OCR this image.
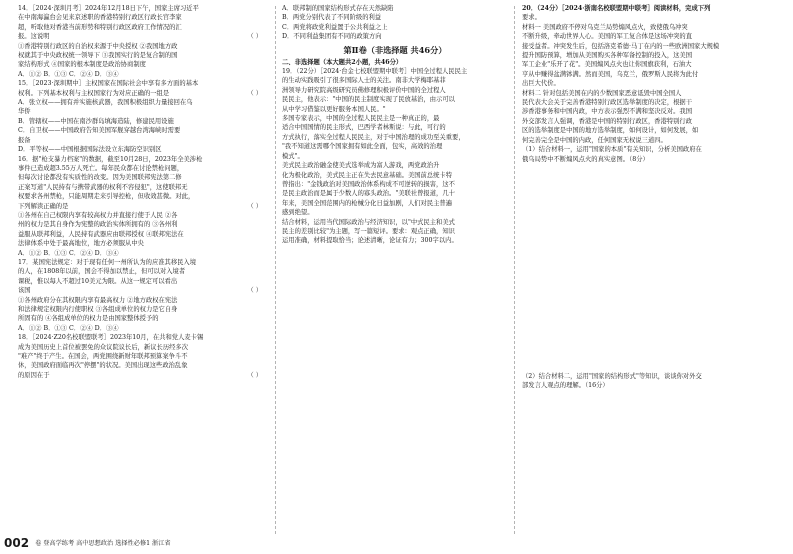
14．［2024·深圳月考］2024年12月18日下午，国家主席习近平

在中南海瀛台会见来京述职的香港特别行政区行政长官李家

超，听取他对香港当前形势和特别行政区政府工作情况的汇

报。这说明	（ ）

①香港特别行政区的自治权来源于中央授权 ②我国地方政

权就其于中央政权统一领导下 ③我国实行的是复合制的国

家结构形式 ④国家的根本制度是政治协商制度

A．①② B．①③ C．②④ D．③④

15．［2023·深圳期中］主权国家在国际社会中享有多方面的基本

权利。下列基本权利与主权国家行为对应正确的一组是	（ ）

A．张立权——拥有并实施核武器，我国积极组织力量接回在乌

华侨

B．管辖权——中国在南沙群岛填海造陆，修建民用设施

C．自卫权——中国政府告知美国军舰穿越台湾海峡时需要

报备

D．平等权——中国根据国际法设立东海防空识别区

16．据"枪支暴力档案"的数据，截至10月28日，2023年全美涉枪

事件已造成超3.55万人死亡。每年民众都在讨论禁枪问题，

但每次讨论都没有实质性的改变。因为美国联邦宪法第二修

正案写道"人民持有与携带武器的权利不容侵犯"，这使联邦无

权要求各州禁枪，只能周期走来引导控枪，但收效甚微。对此，

下列解读正确的是	（ ）

①各州在自己权限内享有较高权力并直接行使于人民 ②各

州的权力是其自身作为宪整的政治实体所拥有的 ③各州利

益服从联邦利益，人民持有武器应由联邦授权 ④联邦宪法在

法律体系中处于最高地位，地方必须服从中央

A．①② B．①③ C．②④ D．③④

17．某国宪法规定：对于现有任何一州所认为的应准其移民入境

的人，在1808年以前，国会不得加以禁止，但可以对入境者

课税，惟以每人不超过10美元为限。从这一规定可以看出

该国	（ ）

①各州政府分在其权限内享有最高权力 ②地方政权在宪法

和法律规定权限内行使职权 ③各组成单位的权力是它自身

所固有的 ④各组成单位的权力是由国家整体授予的

A．①② B．①③ C．②④ D．③④

18．［2024·Z20名校联盟联考］2023年10月，在共和党人麦卡锡

成为美国历史上首位被罢免的众议院议长后，新议长历经多次

"难产"终于产生。在国会，两党围绕新财年联邦预算案争斗不

休，美国政府面临再次"停摆"的状况。美国出现这些政治乱象

的原因在于	（ ）

A．联邦制的国家结构形式存在天然缺陷

B．两党分别代表了不同阶级的利益

C．两党将政党利益置于公共利益之上

D．不同利益集团有不同的政策方向

第Ⅱ卷（非选择题 共46分）

二、非选择题（本大题共2小题，共46分）

19．（22分）［2024·台金七校联盟期中联考］中国全过程人民民主

的生动实践吸引了很多国际人士的关注。南非大学梅耶基菲

洲领导力研究院高级研究员佛修理积极评价中国的全过程人

民民主，他表示："中国的民主制度实现了民放基治，由示可以

从中学习借鉴以更好服务本国人民。"

多国专家表示，中国的全过程人民民主是一种真正的，最

适合中国国情的民主形式，巴西学者林斯说：与此，可行的

方式执行，落实全过程人民民主，对于中国治理的成功至关重要，

"我不知道这需哪个国家拥有如此全面，包实，高效的治理

模式"。

美式民主政治融金使美式选举成为富人游戏，两党政治升

化为极化政治，美式民主正在失去民意基础。美国前总统卡特

曾指出："金钱政治对美国政治体系构成不可逆转的损害，这不

是民主政治而是属于少数人的寡头政治。"美联社曾报道，几十

年来，美国全国范围内的枪械分化日益加剧，人们对民主普遍

感到绝望。

结合材料，运用当代国际政治与经济知识，以"中式民主和美式

民主的差别比较"为主题，写一篇短评。要求：观点正确，知识

运用准确，材料提取恰当；论述清晰，论证有力；300字以内。

20．（24分）［2024·浙南名校联盟期中联考］阅读材料，完成下列

要求。

材料一 美国政府不停对乌克兰局势煽风点火，致使俄乌冲突

不断升级，牵动世界人心。美国的军工复合体是这场冲突的直

接受益者。冲突发生后，包括洛克希德·马丁在内的一些欧洲国家大规模

提升国防预算，增加从美国购买各种军备控制的投入，这美国

军工企业"乐开了花"。美国煽风点火也让你国旗获利，石油大

亨从中赚得盆满钵满。然而美国，乌克兰，俄罗斯人民将为此付

出巨大代价。

材料二 针对包括美国在内的少数国家恶意诋毁中国全国人

民代表大会关于完善香港特别行政区选举制度的决定，根据干

涉香港事务和中国内政，中方表示强烈不满和坚决反对。我国

外交部发言人强调，香港是中国的特别行政区，香港特别行政

区的选举制度是中国的地方选举制度，如何设计，如何发展，如

何完善完全是中国的内政，任何国家无权说三道四。

（1）结合材料一，运用"国家的本质"有关知识，分析美国政府在

俄乌局势中不断煽风点火的真实意图。（8分）

（2）结合材料二，运用"国家的结构形式"等知识，谈谈你对外交

部发言人观点的理解。（16分）

002 卷 登高学练考 高中思想政治 选择性必修1 浙江省
